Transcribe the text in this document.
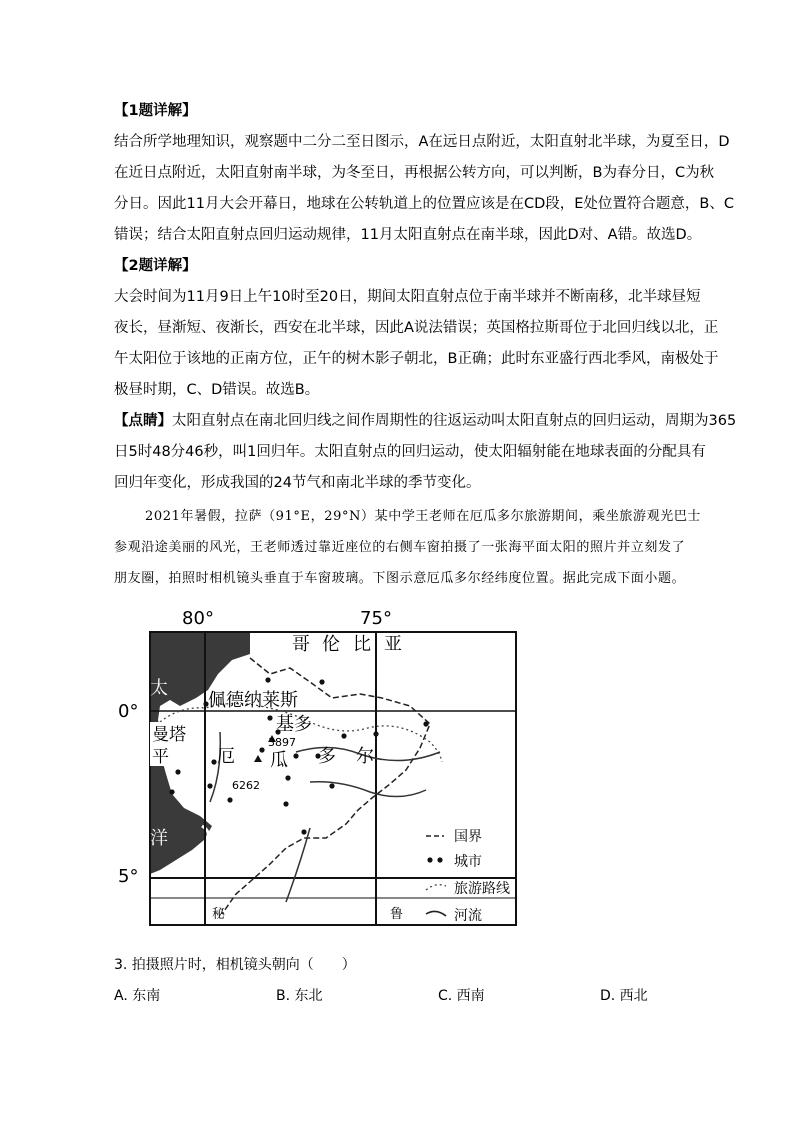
【1题详解】
结合所学地理知识，观察题中二分二至日图示，A在远日点附近，太阳直射北半球，为夏至日，D
在近日点附近，太阳直射南半球，为冬至日，再根据公转方向，可以判断，B为春分日，C为秋
分日。因此11月大会开幕日，地球在公转轨道上的位置应该是在CD段，E处位置符合题意，B、C
错误；结合太阳直射点回归运动规律，11月太阳直射点在南半球，因此D对、A错。故选D。
【2题详解】
大会时间为11月9日上午10时至20日，期间太阳直射点位于南半球并不断南移，北半球昼短
夜长，昼渐短、夜渐长，西安在北半球，因此A说法错误；英国格拉斯哥位于北回归线以北，正
午太阳位于该地的正南方位，正午的树木影子朝北，B正确；此时东亚盛行西北季风，南极处于
极昼时期，C、D错误。故选B。
【点睛】太阳直射点在南北回归线之间作周期性的往返运动叫太阳直射点的回归运动，周期为365
日5时48分46秒，叫1回归年。太阳直射点的回归运动，使太阳辐射能在地球表面的分配具有
回归年变化，形成我国的24节气和南北半球的季节变化。
2021年暑假，拉萨（91°E，29°N）某中学王老师在厄瓜多尔旅游期间，乘坐旅游观光巴士
参观沿途美丽的风光，王老师透过靠近座位的右侧车窗拍摄了一张海平面太阳的照片并立刻发了
朋友圈，拍照时相机镜头垂直于车窗玻璃。下图示意厄瓜多尔经纬度位置。据此完成下面小题。
80°	75°
0°
5°
哥 伦 比 亚
太
洋
曼塔
平
佩德纳莱斯
基多
3897
6262
厄 瓜 多 尔
秘	鲁
国界
城市
旅游路线
河流
3. 拍摄照片时，相机镜头朝向（　　）
A. 东南	B. 东北	C. 西南	D. 西北
